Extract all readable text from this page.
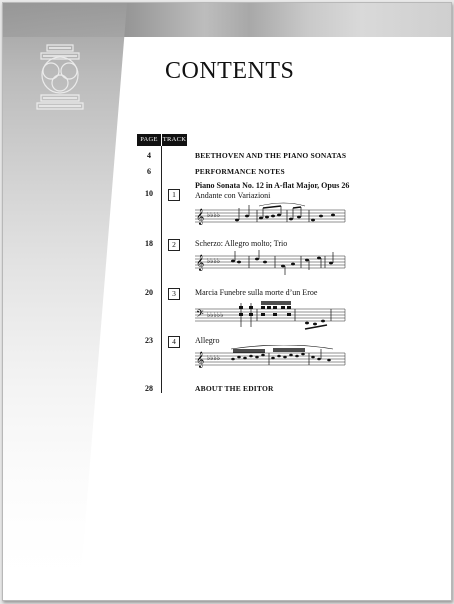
CONTENTS
PAGE TRACK
4	BEETHOVEN AND THE PIANO SONATAS
6	PERFORMANCE NOTES
10	1
Piano Sonata No. 12 in A-flat Major, Opus 26
Andante con Variazioni
𝄞 ♭♭♭♭
18	2	Scherzo: Allegro molto; Trio
𝄞 ♭♭♭♭
20	3	Marcia Funebre sulla morte d’un Eroe
𝄢 ♭♭♭♭♭
23	4	Allegro
𝄞 ♭♭♭♭
28	ABOUT THE EDITOR
